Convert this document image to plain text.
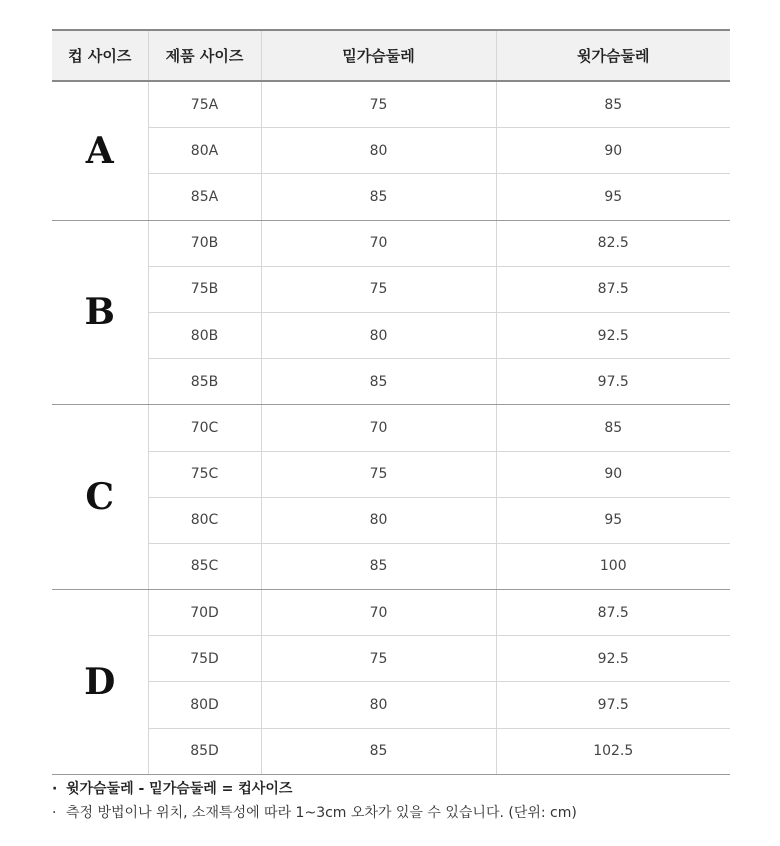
컵 사이즈	제품 사이즈	밑가슴둘레	윗가슴둘레
A	75A	75	85
	80A	80	90
	85A	85	95
B	70B	70	82.5
	75B	75	87.5
	80B	80	92.5
	85B	85	97.5
C	70C	70	85
	75C	75	90
	80C	80	95
	85C	85	100
D	70D	70	87.5
	75D	75	92.5
	80D	80	97.5
	85D	85	102.5
· 윗가슴둘레 - 밑가슴둘레 = 컵사이즈
· 측정 방법이나 위치, 소재특성에 따라 1~3cm 오차가 있을 수 있습니다. (단위: cm)
